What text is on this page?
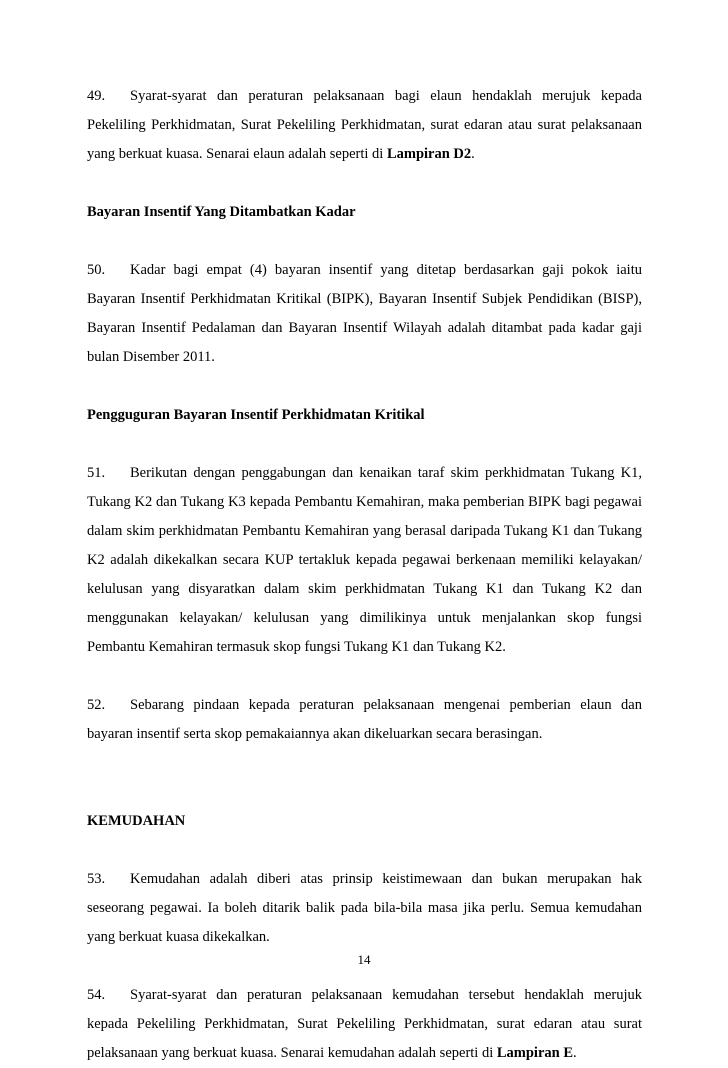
49. Syarat-syarat dan peraturan pelaksanaan bagi elaun hendaklah merujuk kepada Pekeliling Perkhidmatan, Surat Pekeliling Perkhidmatan, surat edaran atau surat pelaksanaan yang berkuat kuasa. Senarai elaun adalah seperti di Lampiran D2.

Bayaran Insentif Yang Ditambatkan Kadar

50. Kadar bagi empat (4) bayaran insentif yang ditetap berdasarkan gaji pokok iaitu Bayaran Insentif Perkhidmatan Kritikal (BIPK), Bayaran Insentif Subjek Pendidikan (BISP), Bayaran Insentif Pedalaman dan Bayaran Insentif Wilayah adalah ditambat pada kadar gaji bulan Disember 2011.

Pengguguran Bayaran Insentif Perkhidmatan Kritikal

51. Berikutan dengan penggabungan dan kenaikan taraf skim perkhidmatan Tukang K1, Tukang K2 dan Tukang K3 kepada Pembantu Kemahiran, maka pemberian BIPK bagi pegawai dalam skim perkhidmatan Pembantu Kemahiran yang berasal daripada Tukang K1 dan Tukang K2 adalah dikekalkan secara KUP tertakluk kepada pegawai berkenaan memiliki kelayakan/ kelulusan yang disyaratkan dalam skim perkhidmatan Tukang K1 dan Tukang K2 dan menggunakan kelayakan/ kelulusan yang dimilikinya untuk menjalankan skop fungsi Pembantu Kemahiran termasuk skop fungsi Tukang K1 dan Tukang K2.

52. Sebarang pindaan kepada peraturan pelaksanaan mengenai pemberian elaun dan bayaran insentif serta skop pemakaiannya akan dikeluarkan secara berasingan.

KEMUDAHAN

53. Kemudahan adalah diberi atas prinsip keistimewaan dan bukan merupakan hak seseorang pegawai. Ia boleh ditarik balik pada bila-bila masa jika perlu. Semua kemudahan yang berkuat kuasa dikekalkan.

54. Syarat-syarat dan peraturan pelaksanaan kemudahan tersebut hendaklah merujuk kepada Pekeliling Perkhidmatan, Surat Pekeliling Perkhidmatan, surat edaran atau surat pelaksanaan yang berkuat kuasa. Senarai kemudahan adalah seperti di Lampiran E.

14
